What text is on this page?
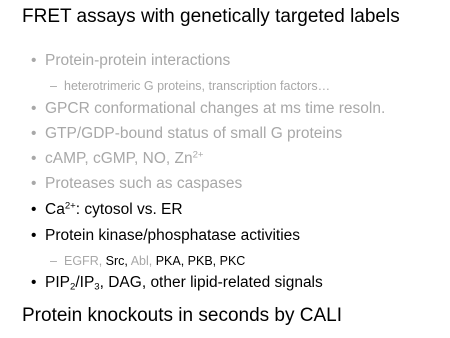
FRET assays with genetically targeted labels
• Protein-protein interactions
– heterotrimeric G proteins, transcription factors…
• GPCR conformational changes at ms time resoln.
• GTP/GDP-bound status of small G proteins
• cAMP, cGMP, NO, $Zn^{2+}$
• Proteases such as caspases
• $Ca^{2+}$: cytosol vs. ER
• Protein kinase/phosphatase activities
– EGFR, Src, Abl, PKA, PKB, PKC
• $PIP_2/IP_3$, DAG, other lipid-related signals
Protein knockouts in seconds by CALI
